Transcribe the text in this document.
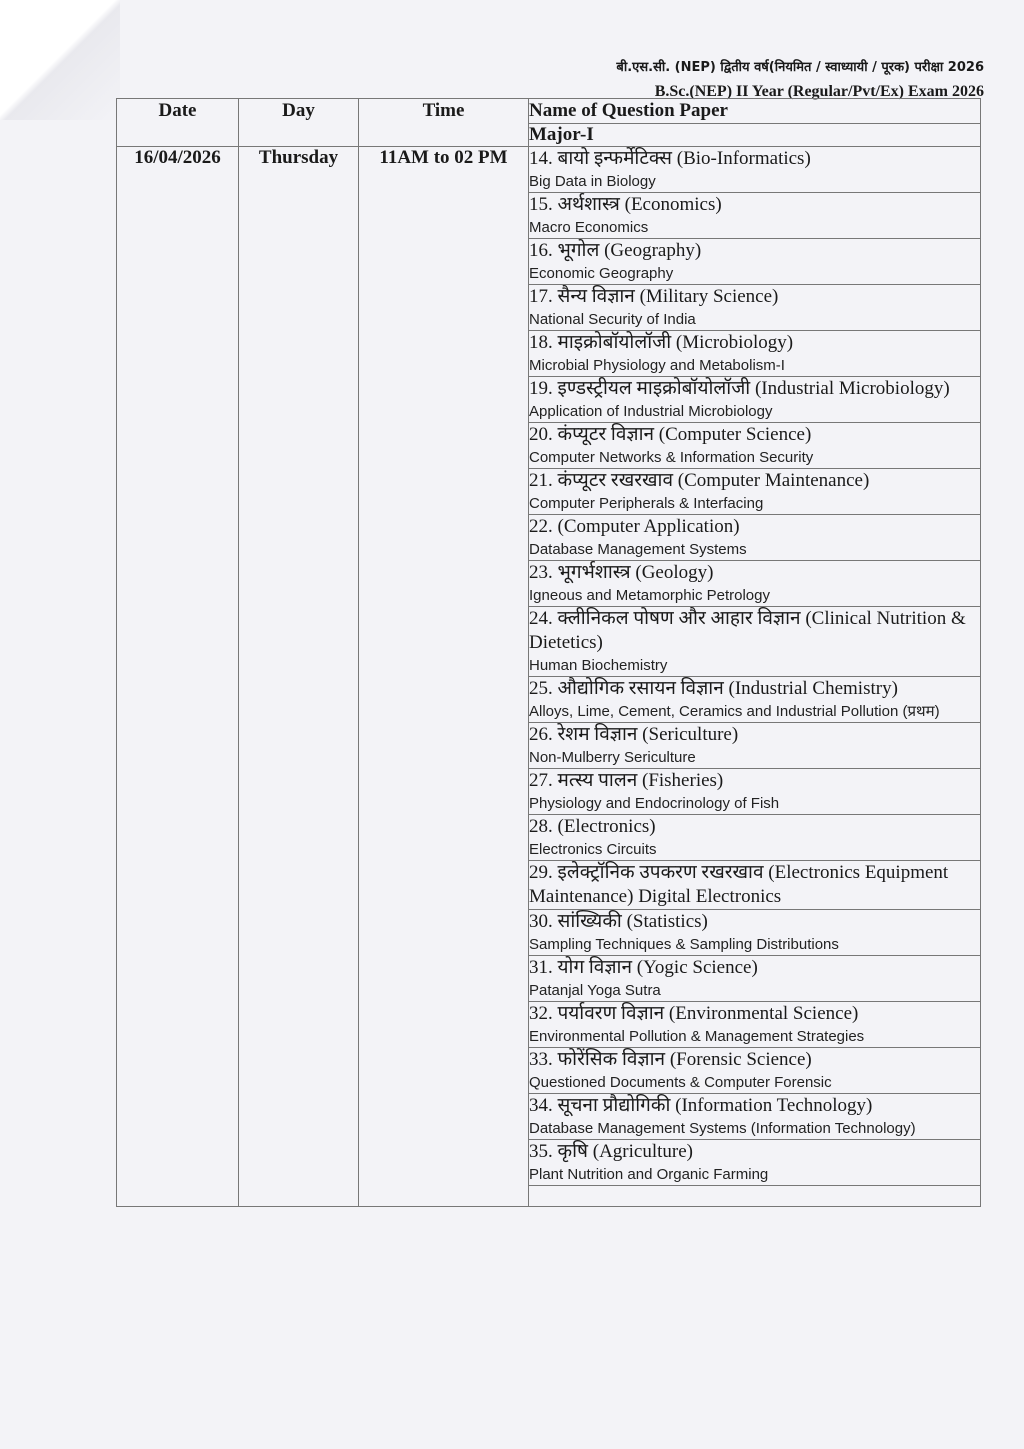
बी.एस.सी. (NEP) द्वितीय वर्ष(नियमित / स्वाध्यायी / पूरक) परीक्षा 2026
B.Sc.(NEP) II Year (Regular/Pvt/Ex) Exam 2026
Date	Day	Time	Name of Question Paper
			Major-I
16/04/2026	Thursday	11AM to 02 PM	14. बायो इन्फर्मेटिक्स (Bio-Informatics)
Big Data in Biology

			15. अर्थशास्त्र (Economics)
Macro Economics

			16. भूगोल (Geography)
Economic Geography

			17. सैन्य विज्ञान (Military Science)
National Security of India

			18. माइक्रोबॉयोलॉजी (Microbiology)
Microbial Physiology and Metabolism-I

			19. इण्डस्ट्रीयल माइक्रोबॉयोलॉजी (Industrial Microbiology)
Application of Industrial Microbiology

			20. कंप्यूटर विज्ञान (Computer Science)
Computer Networks & Information Security

			21. कंप्यूटर रखरखाव (Computer Maintenance)
Computer Peripherals & Interfacing

			22. (Computer Application)
Database Management Systems

			23. भूगर्भशास्त्र (Geology)
Igneous and Metamorphic Petrology

			24. क्लीनिकल पोषण और आहार विज्ञान (Clinical Nutrition & Dietetics)
Human Biochemistry

			25. औद्योगिक रसायन विज्ञान (Industrial Chemistry)
Alloys, Lime, Cement, Ceramics and Industrial Pollution (प्रथम)

			26. रेशम विज्ञान (Sericulture)
Non-Mulberry Sericulture

			27. मत्स्य पालन (Fisheries)
Physiology and Endocrinology of Fish

			28. (Electronics)
Electronics Circuits

			29. इलेक्ट्रॉनिक उपकरण रखरखाव (Electronics Equipment Maintenance) Digital Electronics

			30. सांख्यिकी (Statistics)
Sampling Techniques & Sampling Distributions

			31. योग विज्ञान (Yogic Science)
Patanjal Yoga Sutra

			32. पर्यावरण विज्ञान (Environmental Science)
Environmental Pollution & Management Strategies

			33. फोरेंसिक विज्ञान (Forensic Science)
Questioned Documents & Computer Forensic

			34. सूचना प्रौद्योगिकी (Information Technology)
Database Management Systems (Information Technology)

			35. कृषि (Agriculture)
Plant Nutrition and Organic Farming
